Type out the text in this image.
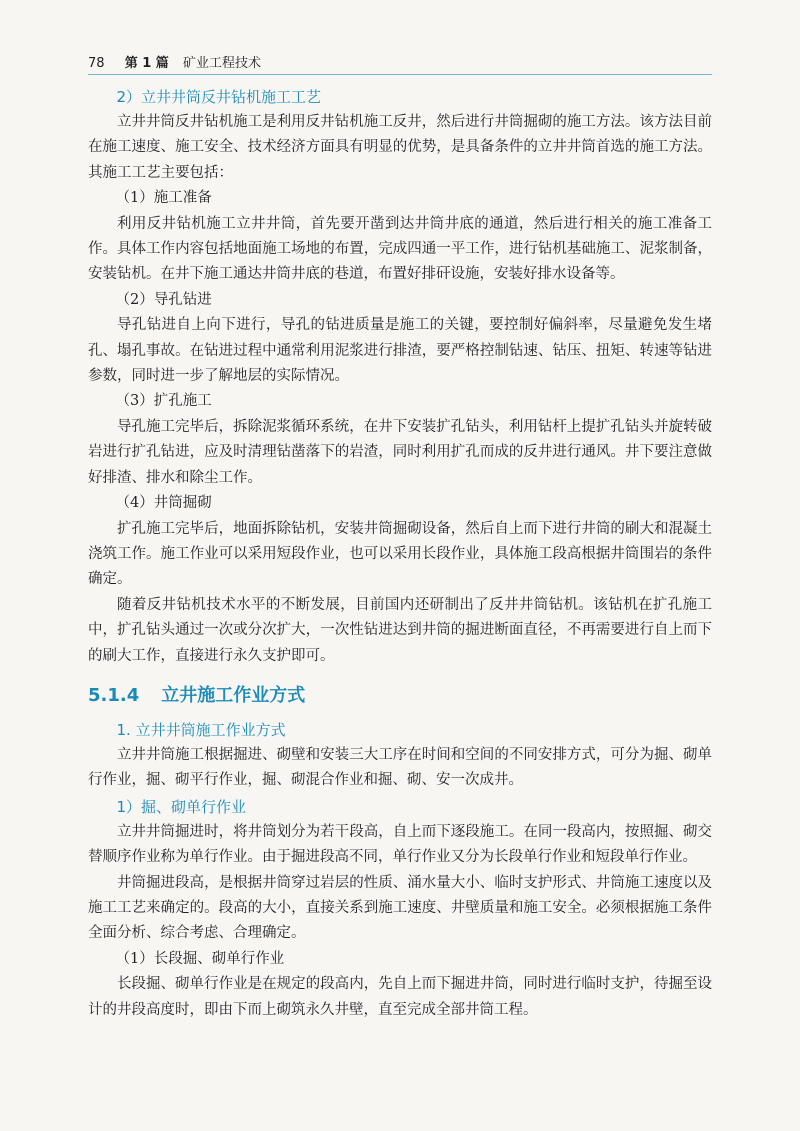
78 第 1 篇 矿业工程技术

2）立井井筒反井钻机施工工艺

立井井筒反井钻机施工是利用反井钻机施工反井，然后进行井筒掘砌的施工方法。该方法目前在施工速度、施工安全、技术经济方面具有明显的优势，是具备条件的立井井筒首选的施工方法。其施工工艺主要包括：

（1）施工准备

利用反井钻机施工立井井筒，首先要开凿到达井筒井底的通道，然后进行相关的施工准备工作。具体工作内容包括地面施工场地的布置，完成四通一平工作，进行钻机基础施工、泥浆制备，安装钻机。在井下施工通达井筒井底的巷道，布置好排矸设施，安装好排水设备等。

（2）导孔钻进

导孔钻进自上向下进行，导孔的钻进质量是施工的关键，要控制好偏斜率，尽量避免发生堵孔、塌孔事故。在钻进过程中通常利用泥浆进行排渣，要严格控制钻速、钻压、扭矩、转速等钻进参数，同时进一步了解地层的实际情况。

（3）扩孔施工

导孔施工完毕后，拆除泥浆循环系统，在井下安装扩孔钻头，利用钻杆上提扩孔钻头并旋转破岩进行扩孔钻进，应及时清理钻凿落下的岩渣，同时利用扩孔而成的反井进行通风。井下要注意做好排渣、排水和除尘工作。

（4）井筒掘砌

扩孔施工完毕后，地面拆除钻机，安装井筒掘砌设备，然后自上而下进行井筒的刷大和混凝土浇筑工作。施工作业可以采用短段作业，也可以采用长段作业，具体施工段高根据井筒围岩的条件确定。

随着反井钻机技术水平的不断发展，目前国内还研制出了反井井筒钻机。该钻机在扩孔施工中，扩孔钻头通过一次或分次扩大，一次性钻进达到井筒的掘进断面直径，不再需要进行自上而下的刷大工作，直接进行永久支护即可。

5.1.4 立井施工作业方式

1. 立井井筒施工作业方式

立井井筒施工根据掘进、砌壁和安装三大工序在时间和空间的不同安排方式，可分为掘、砌单行作业，掘、砌平行作业，掘、砌混合作业和掘、砌、安一次成井。

1）掘、砌单行作业

立井井筒掘进时，将井筒划分为若干段高，自上而下逐段施工。在同一段高内，按照掘、砌交替顺序作业称为单行作业。由于掘进段高不同，单行作业又分为长段单行作业和短段单行作业。

井筒掘进段高，是根据井筒穿过岩层的性质、涌水量大小、临时支护形式、井筒施工速度以及施工工艺来确定的。段高的大小，直接关系到施工速度、井壁质量和施工安全。必须根据施工条件全面分析、综合考虑、合理确定。

（1）长段掘、砌单行作业

长段掘、砌单行作业是在规定的段高内，先自上而下掘进井筒，同时进行临时支护，待掘至设计的井段高度时，即由下而上砌筑永久井壁，直至完成全部井筒工程。
